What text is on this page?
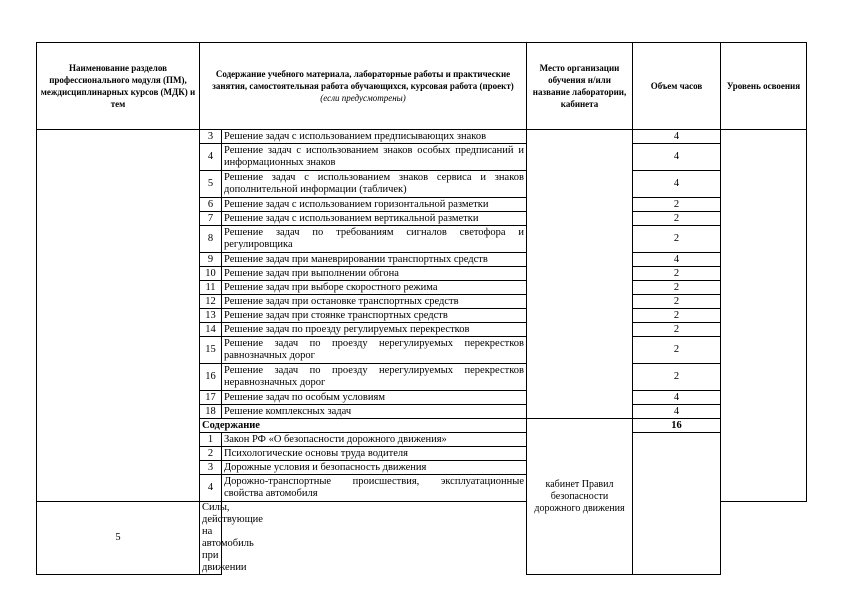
Наименование разделов профессионального модуля (ПМ), междисциплинарных курсов (МДК) и тем	Содержание учебного материала, лабораторные работы и практические занятия, самостоятельная работа обучающихся, курсовая работа (проект) (если предусмотрены)		Место организации обучения н/или название лаборатории, кабинета	Объем часов	Уровень освоения
	3	Решение задач с использованием предписывающих знаков		4	
	4	Решение задач с использованием знаков особых предписаний и информационных знаков		4	
	5	Решение задач с использованием знаков сервиса и знаков дополнительной информации (табличек)		4	
	6	Решение задач с использованием горизонтальной разметки		2	
	7	Решение задач с использованием вертикальной разметки		2	
	8	Решение задач по требованиям сигналов светофора и регулировщика		2	
	9	Решение задач при маневрировании транспортных средств		4	
	10	Решение задач при выполнении обгона		2	
	11	Решение задач при выборе скоростного режима		2	
	12	Решение задач при остановке транспортных средств		2	
	13	Решение задач при стоянке транспортных средств		2	
	14	Решение задач по проезду регулируемых перекрестков		2	
	15	Решение задач по проезду нерегулируемых перекрестков равнозначных дорог		2	
	16	Решение задач по проезду нерегулируемых перекрестков неравнозначных дорог		2	
	17	Решение задач по особым условиям		4	
	18	Решение комплексных задач		4	
	Содержание		кабинет Правил безопасности дорожного движения	16	
	1	Закон РФ «О безопасности дорожного движения»			
	2	Психологические основы труда водителя			
	3	Дорожные условия и безопасность движения			
	4	Дорожно-транспортные происшествия, эксплуатационные свойства автомобиля			
5	Силы, действующие на автомобиль при движении				
